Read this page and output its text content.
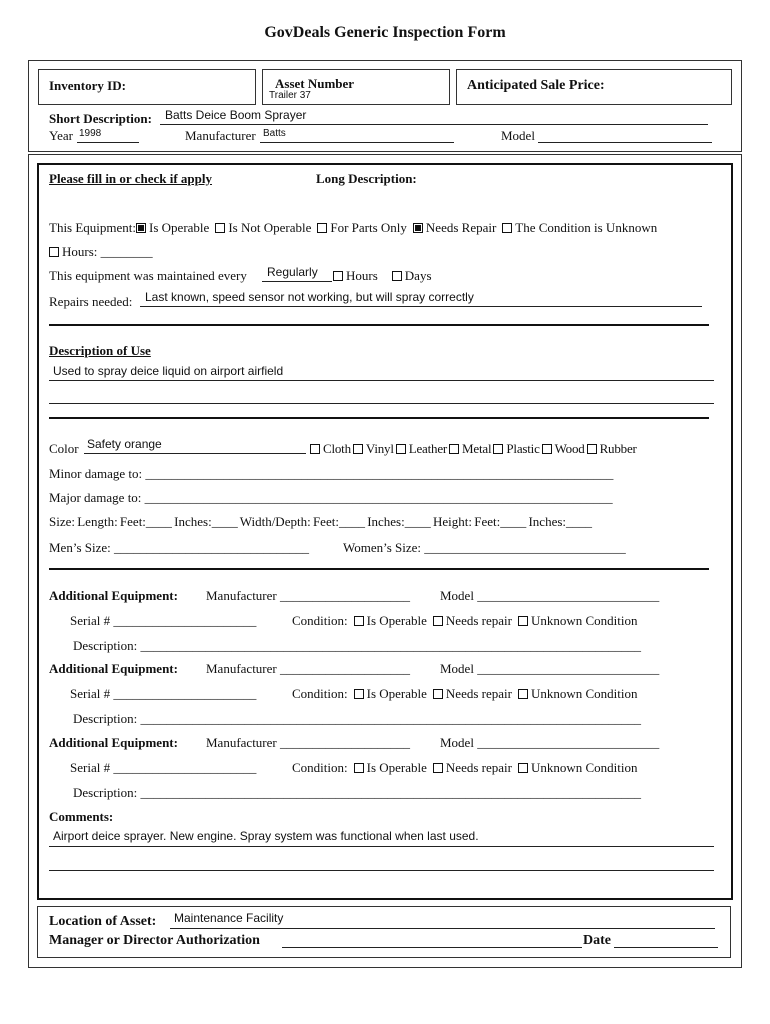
GovDeals Generic Inspection Form
Inventory ID:	Asset Number
Trailer 37
Anticipated Sale Price:
Short Description: Batts Deice Boom Sprayer
Year 1998	Manufacturer Batts	Model
Please fill in or check if apply	Long Description:
This Equipment: Is Operable Is Not Operable For Parts Only Needs Repair The Condition is Unknown
Hours: ________
This equipment was maintained every Regularly	Hours Days
Repairs needed: Last known, speed sensor not working, but will spray correctly
Description of Use
Used to spray deice liquid on airport airfield
Color Safety orange	Cloth Vinyl Leather Metal Plastic Wood Rubber
Minor damage to: ________________________________________________________________________
Major damage to: ________________________________________________________________________
Size: Length: Feet:____ Inches:____ Width/Depth: Feet:____ Inches:____ Height: Feet:____ Inches:____
Men’s Size: ______________________________	Women’s Size: _______________________________
Additional Equipment: Manufacturer ____________________ Model ____________________________
Serial # ______________________	Condition: Is Operable Needs repair Unknown Condition
Description: _____________________________________________________________________________
Additional Equipment: Manufacturer ____________________ Model ____________________________
Serial # ______________________	Condition: Is Operable Needs repair Unknown Condition
Description: _____________________________________________________________________________
Additional Equipment: Manufacturer ____________________ Model ____________________________
Serial # ______________________	Condition: Is Operable Needs repair Unknown Condition
Description: _____________________________________________________________________________
Comments:
Airport deice sprayer. New engine. Spray system was functional when last used.
Location of Asset: Maintenance Facility
Manager or Director Authorization	Date
